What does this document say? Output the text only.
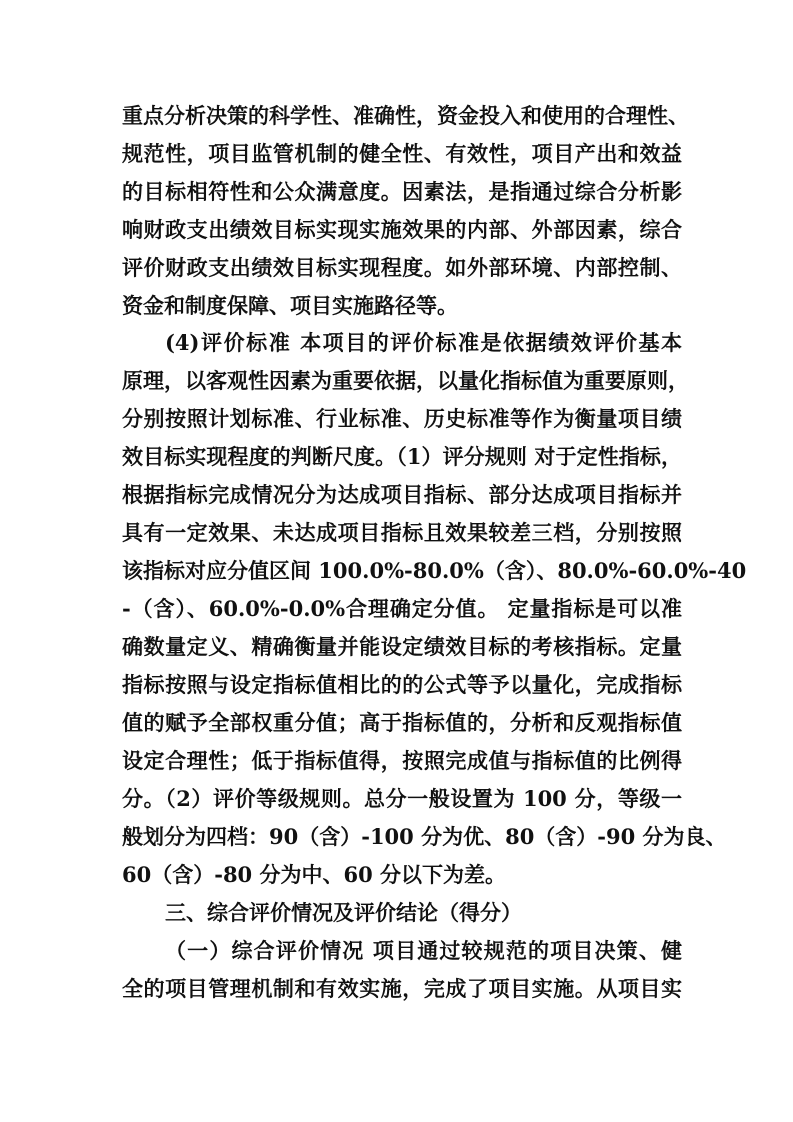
重点分析决策的科学性、准确性，资金投入和使用的合理性、
规范性，项目监管机制的健全性、有效性，项目产出和效益
的目标相符性和公众满意度。因素法，是指通过综合分析影
响财政支出绩效目标实现实施效果的内部、外部因素，综合
评价财政支出绩效目标实现程度。如外部环境、内部控制、
资金和制度保障、项目实施路径等。
(4)评价标准 本项目的评价标准是依据绩效评价基本
原理，以客观性因素为重要依据，以量化指标值为重要原则，
分别按照计划标准、行业标准、历史标准等作为衡量项目绩
效目标实现程度的判断尺度。（1）评分规则 对于定性指标，
根据指标完成情况分为达成项目指标、部分达成项目指标并
具有一定效果、未达成项目指标且效果较差三档，分别按照
该指标对应分值区间 100.0%-80.0%（含）、80.0%-60.0%-40
-（含）、60.0%-0.0%合理确定分值。 定量指标是可以准
确数量定义、精确衡量并能设定绩效目标的考核指标。定量
指标按照与设定指标值相比的的公式等予以量化，完成指标
值的赋予全部权重分值；高于指标值的，分析和反观指标值
设定合理性；低于指标值得，按照完成值与指标值的比例得
分。（2）评价等级规则。总分一般设置为 100 分，等级一
般划分为四档：90（含）-100 分为优、80（含）-90 分为良、
60（含）-80 分为中、60 分以下为差。
三、综合评价情况及评价结论（得分）
（一）综合评价情况 项目通过较规范的项目决策、健
全的项目管理机制和有效实施，完成了项目实施。从项目实
